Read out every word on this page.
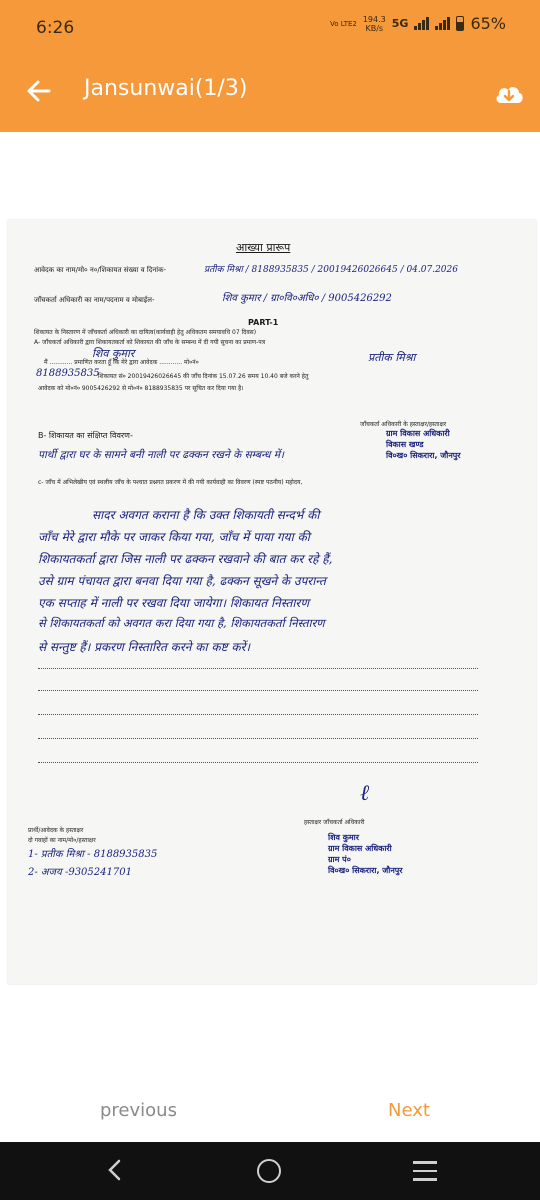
6:26	Vo LTE2 194.3
KB/s 5G	65%
Jansunwai(1/3)
आख्या प्रारूप
आवेदक का नाम/मो० न०/शिकायत संख्या व दिनांक-	प्रतीक मिश्रा / 8188935835 / 20019426026645 / 04.07.2026
जाँचकर्ता अधिकारी का नाम/पदनाम व मोबाईल-	शिव कुमार / ग्रा०वि०अधि० / 9005426292
PART-1
शिकायत के निस्तारण में जाँचकर्ता अधिकारी का दायित्व(कार्यवाही हेतु अधिकतम समयावधि 07 दिवस)
A- जाँचकर्ता अधिकारी द्वारा शिकायतकर्ता को शिकायत की जाँच के सम्बन्ध में दी गयी सूचना का प्रमाण-पत्र
शिव कुमार
मैं ............ प्रमाणित करता हूँ कि मेरे द्वारा आवेदक ............ मो०नं०	प्रतीक मिश्रा
8188935835
शिकायत सं० 20019426026645 की जाँच दिनांक 15.07.26 समय 10.40 बजे करने हेतु
आवेदक को मो०नं० 9005426292 से मो०नं० 8188935835 पर सूचित कर दिया गया है।
जाँचकर्ता अधिकारी के हस्ताक्षर/हस्ताक्षर
B- शिकायत का संक्षिप्त विवरण-
पार्थी द्वारा घर के सामने बनी नाली पर ढक्कन रखने के सम्बन्ध में।
ग्राम विकास अधिकारी
विकास खण्ड
वि०ख० सिकरारा, जौनपुर
c- जाँच में अभिलेखीय एवं स्थलीय जाँच के पश्चात प्रश्नगत प्रकरण में की गयी कार्यवाही का विवरण (स्पष्ट पठनीय) महोदय,
सादर अवगत कराना है कि उक्त शिकायती सन्दर्भ की
जाँच मेरे द्वारा मौके पर जाकर किया गया, जाँच में पाया गया की
शिकायतकर्ता द्वारा जिस नाली पर ढक्कन रखवाने की बात कर रहे हैं,
उसे ग्राम पंचायत द्वारा बनवा दिया गया है, ढक्कन सूखने के उपरान्त
एक सप्ताह में नाली पर रखवा दिया जायेगा। शिकायत निस्तारण
से शिकायतकर्ता को अवगत करा दिया गया है, शिकायतकर्ता निस्तारण
से सन्तुष्ट हैं। प्रकरण निस्तारित करने का कष्ट करें।
ℓ
प्रार्थी/आवेदक के हस्ताक्षर
दो गवाहों का नाम/मो०/हस्ताक्षर
1- प्रतीक मिश्रा - 8188935835
2- अजय -9305241701
हस्ताक्षर जाँचकर्ता अधिकारी
शिव कुमार
ग्राम विकास अधिकारी
ग्राम पं०
वि०ख० सिकरारा, जौनपुर
previous	Next
